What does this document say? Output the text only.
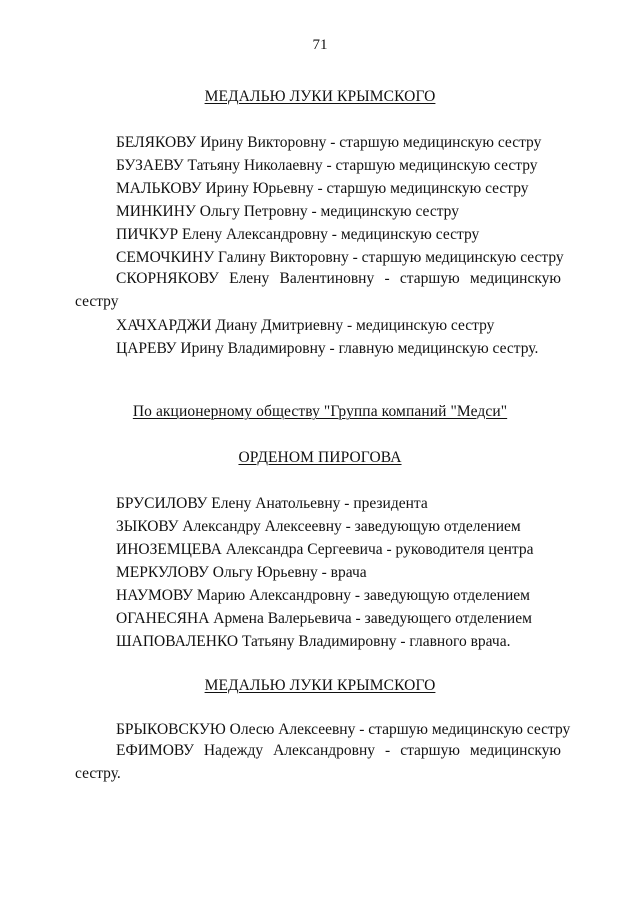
71
МЕДАЛЬЮ ЛУКИ КРЫМСКОГО
БЕЛЯКОВУ Ирину Викторовну - старшую медицинскую сестру
БУЗАЕВУ Татьяну Николаевну - старшую медицинскую сестру
МАЛЬКОВУ Ирину Юрьевну - старшую медицинскую сестру
МИНКИНУ Ольгу Петровну - медицинскую сестру
ПИЧКУР Елену Александровну - медицинскую сестру
СЕМОЧКИНУ Галину Викторовну - старшую медицинскую сестру
СКОРНЯКОВУ Елену Валентиновну - старшую медицинскую сестру
ХАЧХАРДЖИ Диану Дмитриевну - медицинскую сестру
ЦАРЕВУ Ирину Владимировну - главную медицинскую сестру.
По акционерному обществу "Группа компаний "Медси"
ОРДЕНОМ ПИРОГОВА
БРУСИЛОВУ Елену Анатольевну - президента
ЗЫКОВУ Александру Алексеевну - заведующую отделением
ИНОЗЕМЦЕВА Александра Сергеевича - руководителя центра
МЕРКУЛОВУ Ольгу Юрьевну - врача
НАУМОВУ Марию Александровну - заведующую отделением
ОГАНЕСЯНА Армена Валерьевича - заведующего отделением
ШАПОВАЛЕНКО Татьяну Владимировну - главного врача.
МЕДАЛЬЮ ЛУКИ КРЫМСКОГО
БРЫКОВСКУЮ Олесю Алексеевну - старшую медицинскую сестру
ЕФИМОВУ Надежду Александровну - старшую медицинскую сестру.
